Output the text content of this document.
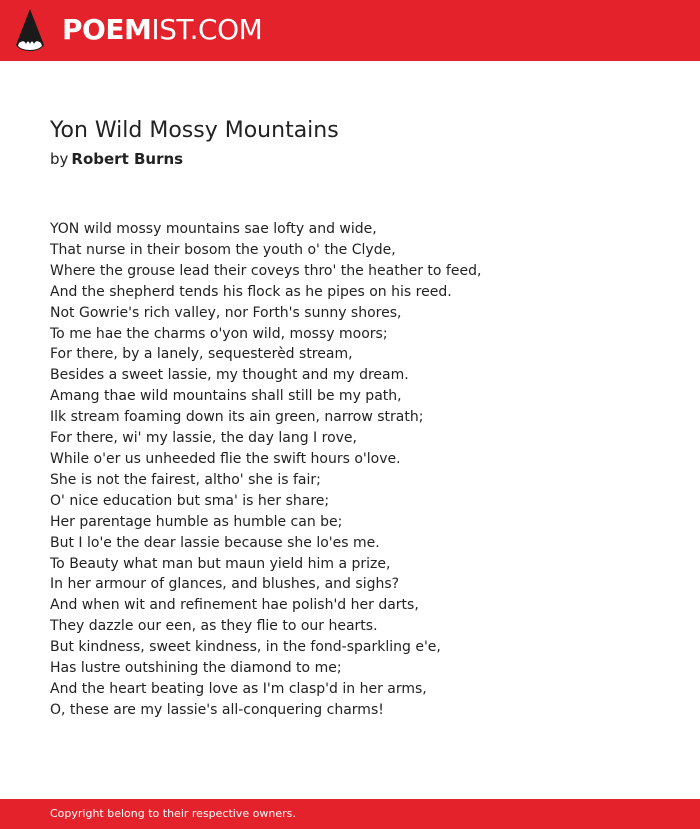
POEMIST.COM
Yon Wild Mossy Mountains
by Robert Burns
YON wild mossy mountains sae lofty and wide,
That nurse in their bosom the youth o' the Clyde,
Where the grouse lead their coveys thro' the heather to feed,
And the shepherd tends his flock as he pipes on his reed.
Not Gowrie's rich valley, nor Forth's sunny shores,
To me hae the charms o'yon wild, mossy moors;
For there, by a lanely, sequesterèd stream,
Besides a sweet lassie, my thought and my dream.
Amang thae wild mountains shall still be my path,
Ilk stream foaming down its ain green, narrow strath;
For there, wi' my lassie, the day lang I rove,
While o'er us unheeded flie the swift hours o'love.
She is not the fairest, altho' she is fair;
O' nice education but sma' is her share;
Her parentage humble as humble can be;
But I lo'e the dear lassie because she lo'es me.
To Beauty what man but maun yield him a prize,
In her armour of glances, and blushes, and sighs?
And when wit and refinement hae polish'd her darts,
They dazzle our een, as they flie to our hearts.
But kindness, sweet kindness, in the fond-sparkling e'e,
Has lustre outshining the diamond to me;
And the heart beating love as I'm clasp'd in her arms,
O, these are my lassie's all-conquering charms!
Copyright belong to their respective owners.
